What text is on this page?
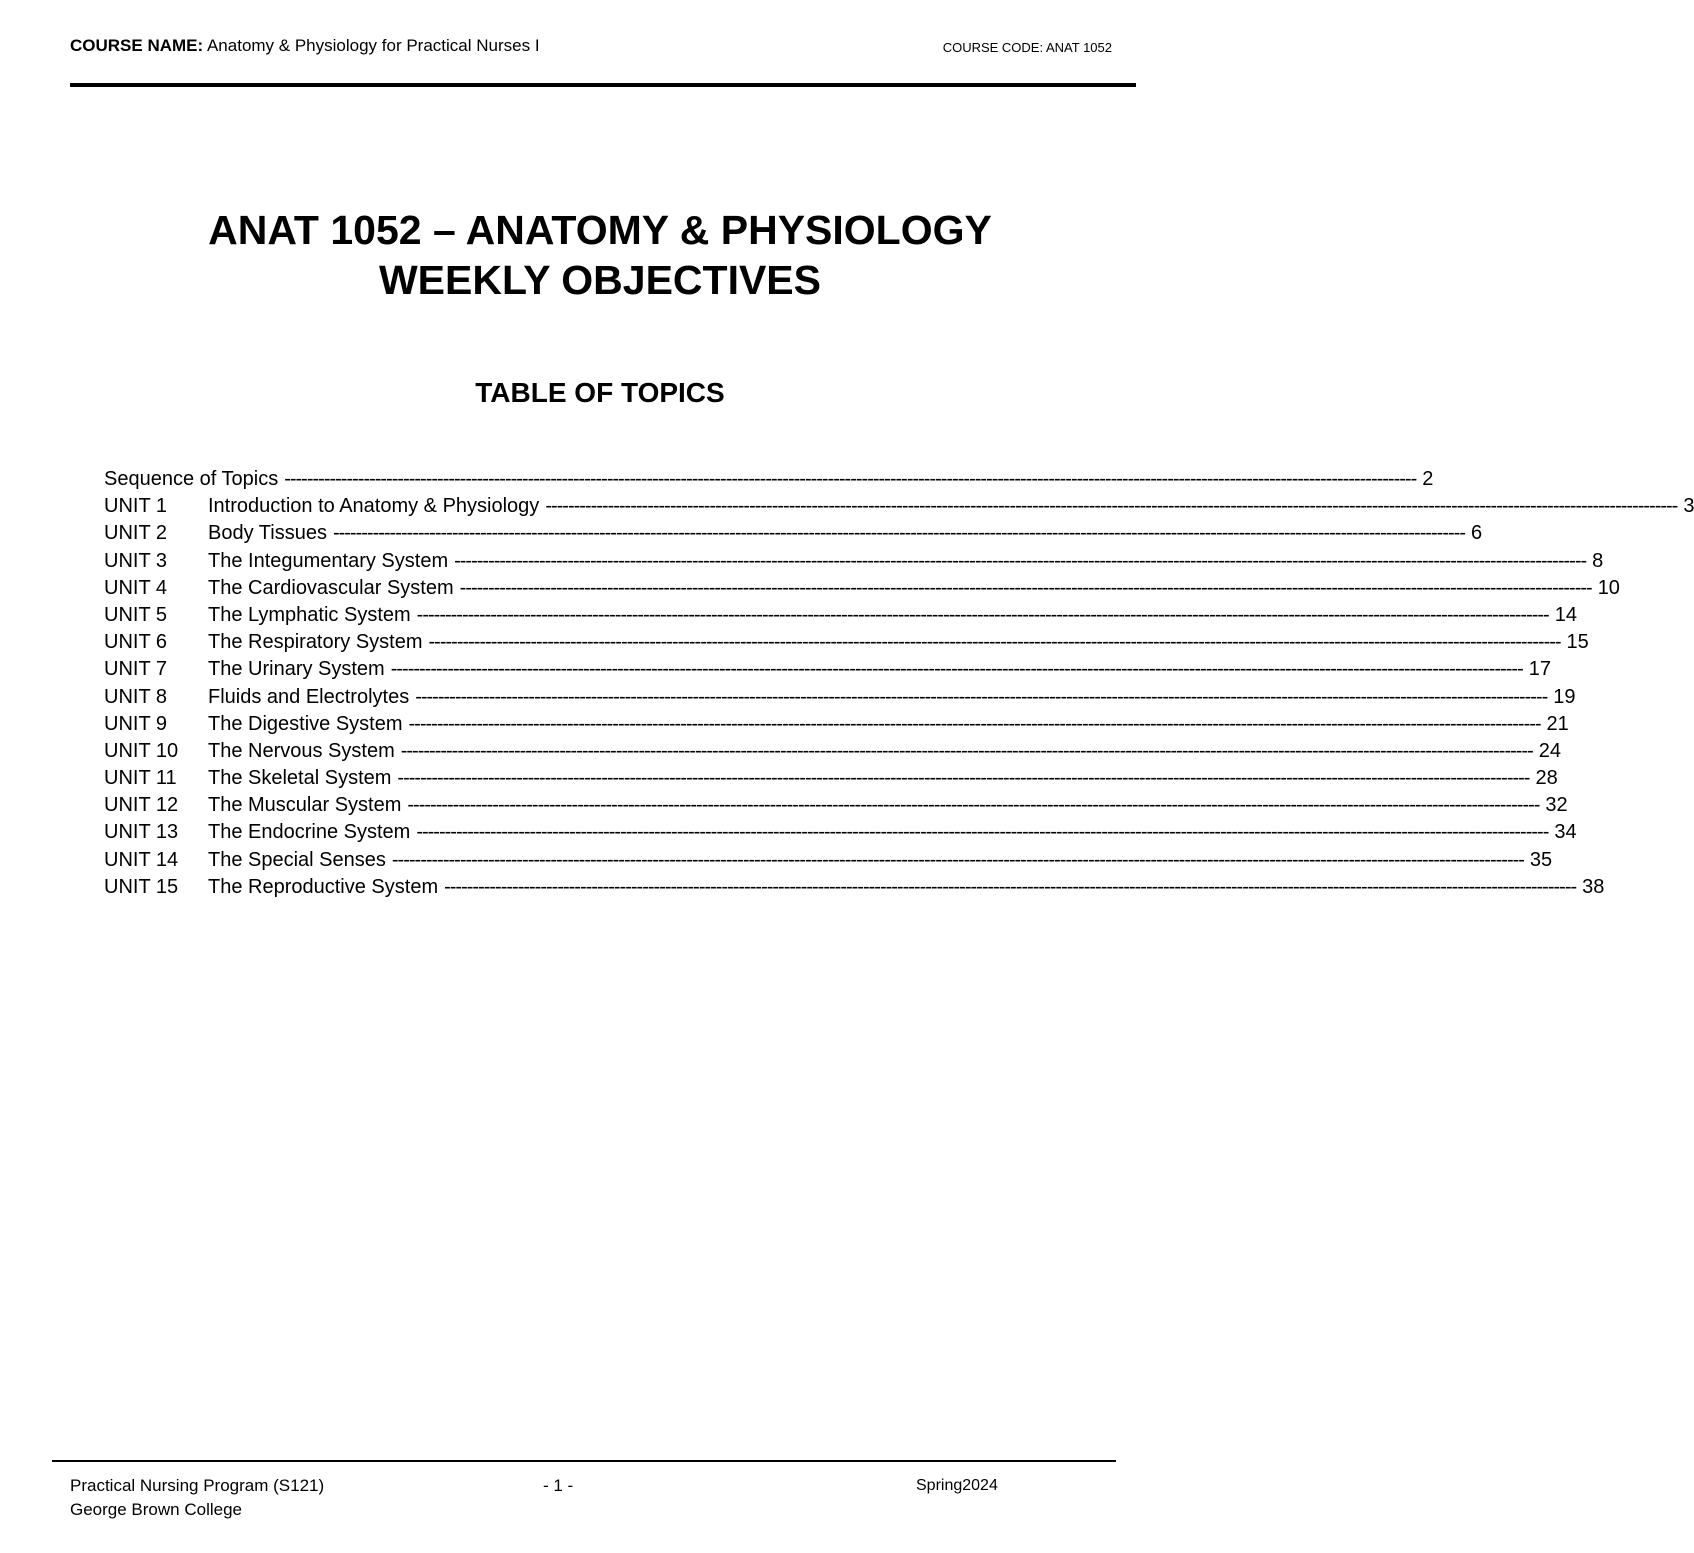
COURSE NAME: Anatomy & Physiology for Practical Nurses I	COURSE CODE: ANAT 1052
ANAT 1052 – ANATOMY & PHYSIOLOGY
WEEKLY OBJECTIVES
TABLE OF TOPICS
Sequence of Topics -------------------------------------------------------------------------------------------------------------------------------------------------------------------------------------------------------- 2
UNIT 1 Introduction to Anatomy & Physiology -------------------------------------------------------------------------------------------------------------------------------------------------------------------------------------------------------- 3
UNIT 2 Body Tissues -------------------------------------------------------------------------------------------------------------------------------------------------------------------------------------------------------- 6
UNIT 3 The Integumentary System -------------------------------------------------------------------------------------------------------------------------------------------------------------------------------------------------------- 8
UNIT 4 The Cardiovascular System -------------------------------------------------------------------------------------------------------------------------------------------------------------------------------------------------------- 10
UNIT 5 The Lymphatic System -------------------------------------------------------------------------------------------------------------------------------------------------------------------------------------------------------- 14
UNIT 6 The Respiratory System -------------------------------------------------------------------------------------------------------------------------------------------------------------------------------------------------------- 15
UNIT 7 The Urinary System -------------------------------------------------------------------------------------------------------------------------------------------------------------------------------------------------------- 17
UNIT 8 Fluids and Electrolytes -------------------------------------------------------------------------------------------------------------------------------------------------------------------------------------------------------- 19
UNIT 9 The Digestive System -------------------------------------------------------------------------------------------------------------------------------------------------------------------------------------------------------- 21
UNIT 10 The Nervous System -------------------------------------------------------------------------------------------------------------------------------------------------------------------------------------------------------- 24
UNIT 11 The Skeletal System -------------------------------------------------------------------------------------------------------------------------------------------------------------------------------------------------------- 28
UNIT 12 The Muscular System -------------------------------------------------------------------------------------------------------------------------------------------------------------------------------------------------------- 32
UNIT 13 The Endocrine System -------------------------------------------------------------------------------------------------------------------------------------------------------------------------------------------------------- 34
UNIT 14 The Special Senses -------------------------------------------------------------------------------------------------------------------------------------------------------------------------------------------------------- 35
UNIT 15 The Reproductive System -------------------------------------------------------------------------------------------------------------------------------------------------------------------------------------------------------- 38
Practical Nursing Program (S121)
George Brown College
- 1 -	Spring2024
